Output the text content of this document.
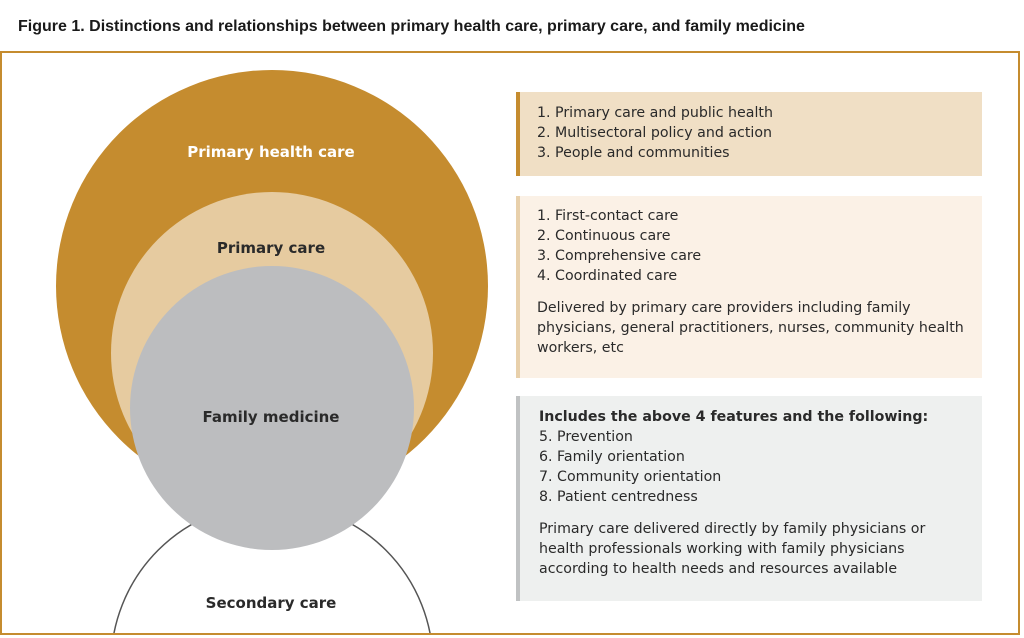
Figure 1. Distinctions and relationships between primary health care, primary care, and family medicine
Primary health care
Primary care
Family medicine
Secondary care
1. Primary care and public health
2. Multisectoral policy and action
3. People and communities
1. First-contact care
2. Continuous care
3. Comprehensive care
4. Coordinated care

Delivered by primary care providers including family physicians, general practitioners, nurses, community health workers, etc

Includes the above 4 features and the following:
5. Prevention
6. Family orientation
7. Community orientation
8. Patient centredness

Primary care delivered directly by family physicians or health professionals working with family physicians according to health needs and resources available
